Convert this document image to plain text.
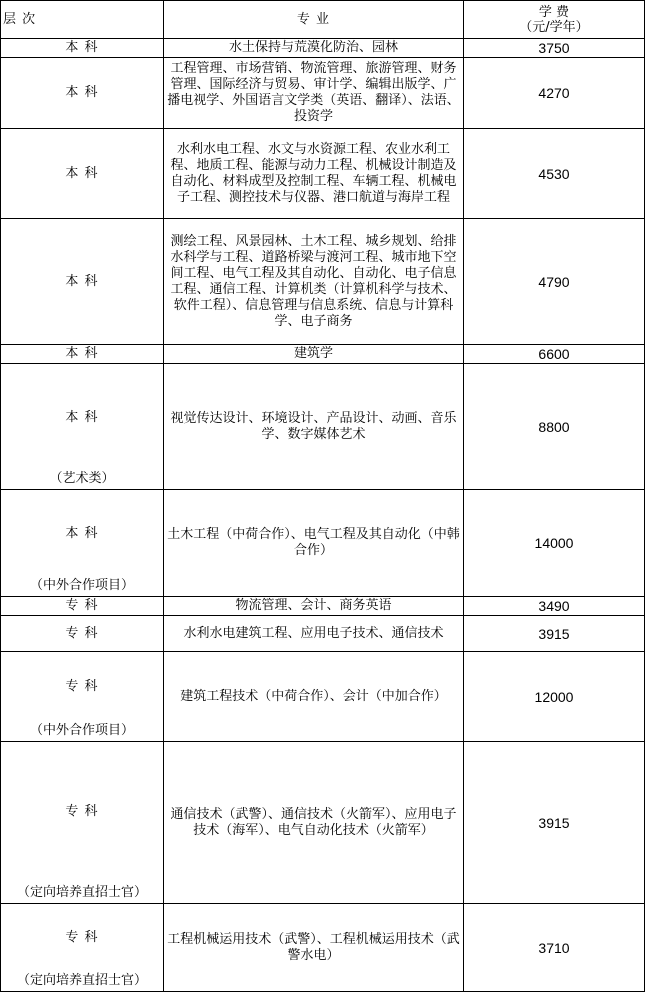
层 次	专 业	学 费
（元/学年）

本 科	水土保持与荒漠化防治、园林	3750

本 科	工程管理、市场营销、物流管理、旅游管理、财务管理、国际经济与贸易、审计学、编辑出版学、广播电视学、外国语言文学类（英语、翻译）、法语、投资学	4270

本 科	水利水电工程、水文与水资源工程、农业水利工程、地质工程、能源与动力工程、机械设计制造及自动化、材料成型及控制工程、车辆工程、机械电子工程、测控技术与仪器、港口航道与海岸工程	4530

本 科	测绘工程、风景园林、土木工程、城乡规划、给排水科学与工程、道路桥梁与渡河工程、城市地下空间工程、电气工程及其自动化、自动化、电子信息工程、通信工程、计算机类（计算机科学与技术、软件工程）、信息管理与信息系统、信息与计算科学、电子商务	4790

本 科	建筑学	6600

本 科
（艺术类）	视觉传达设计、环境设计、产品设计、动画、音乐学、数字媒体艺术	8800

本 科
（中外合作项目）	土木工程（中荷合作）、电气工程及其自动化（中韩合作）	14000

专 科	物流管理、会计、商务英语	3490

专 科	水利水电建筑工程、应用电子技术、通信技术	3915

专 科
（中外合作项目）	建筑工程技术（中荷合作）、会计（中加合作）	12000

专 科
（定向培养直招士官）	通信技术（武警）、通信技术（火箭军）、应用电子技术（海军）、电气自动化技术（火箭军）	3915

专 科
（定向培养直招士官）	工程机械运用技术（武警）、工程机械运用技术（武警水电）	3710
